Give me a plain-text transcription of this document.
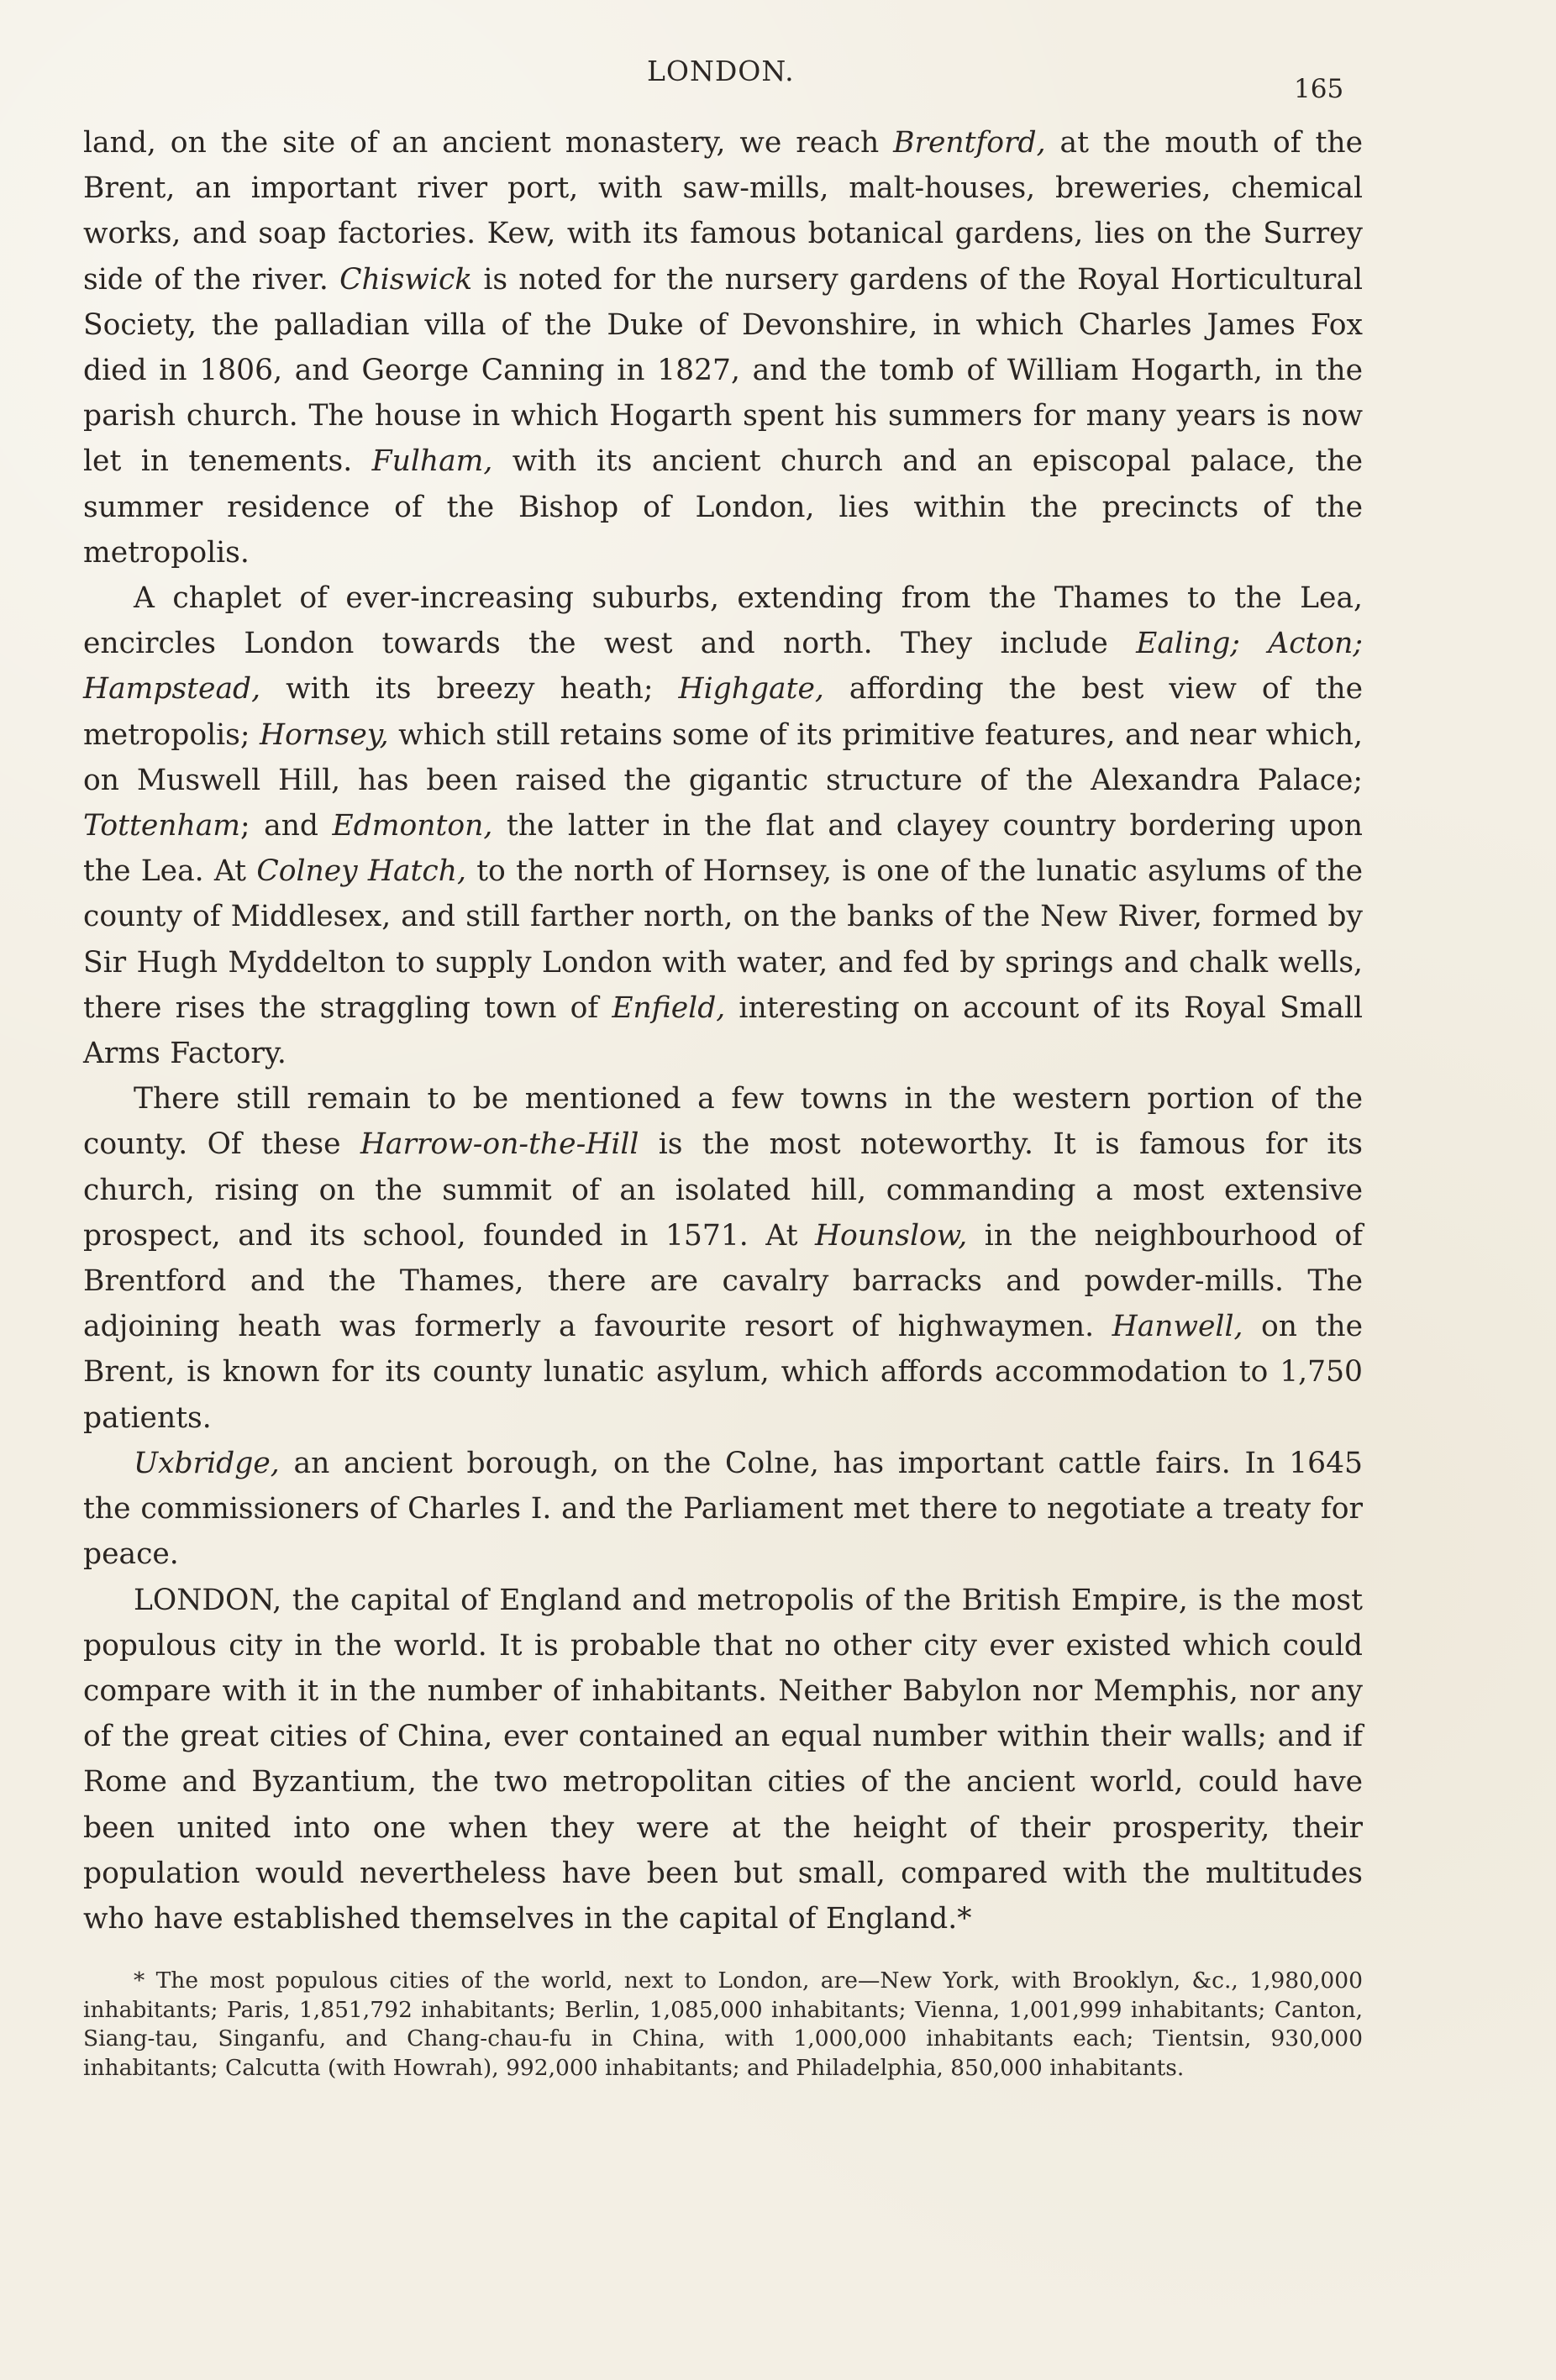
LONDON.
165

land, on the site of an ancient monastery, we reach Brentford, at the mouth of the Brent, an important river port, with saw-mills, malt-houses, breweries, chemical works, and soap factories. Kew, with its famous botanical gardens, lies on the Surrey side of the river. Chiswick is noted for the nursery gardens of the Royal Horticultural Society, the palladian villa of the Duke of Devonshire, in which Charles James Fox died in 1806, and George Canning in 1827, and the tomb of William Hogarth, in the parish church. The house in which Hogarth spent his summers for many years is now let in tenements. Fulham, with its ancient church and an episcopal palace, the summer residence of the Bishop of London, lies within the precincts of the metropolis.

A chaplet of ever-increasing suburbs, extending from the Thames to the Lea, encircles London towards the west and north. They include Ealing; Acton; Hampstead, with its breezy heath; Highgate, affording the best view of the metropolis; Hornsey, which still retains some of its primitive features, and near which, on Muswell Hill, has been raised the gigantic structure of the Alexandra Palace; Tottenham; and Edmonton, the latter in the flat and clayey country bordering upon the Lea. At Colney Hatch, to the north of Hornsey, is one of the lunatic asylums of the county of Middlesex, and still farther north, on the banks of the New River, formed by Sir Hugh Myddelton to supply London with water, and fed by springs and chalk wells, there rises the straggling town of Enfield, interesting on account of its Royal Small Arms Factory.

There still remain to be mentioned a few towns in the western portion of the county. Of these Harrow-on-the-Hill is the most noteworthy. It is famous for its church, rising on the summit of an isolated hill, commanding a most extensive prospect, and its school, founded in 1571. At Hounslow, in the neighbourhood of Brentford and the Thames, there are cavalry barracks and powder-mills. The adjoining heath was formerly a favourite resort of highwaymen. Hanwell, on the Brent, is known for its county lunatic asylum, which affords accommodation to 1,750 patients.

Uxbridge, an ancient borough, on the Colne, has important cattle fairs. In 1645 the commissioners of Charles I. and the Parliament met there to negotiate a treaty for peace.

LONDON, the capital of England and metropolis of the British Empire, is the most populous city in the world. It is probable that no other city ever existed which could compare with it in the number of inhabitants. Neither Babylon nor Memphis, nor any of the great cities of China, ever contained an equal number within their walls; and if Rome and Byzantium, the two metropolitan cities of the ancient world, could have been united into one when they were at the height of their prosperity, their population would nevertheless have been but small, compared with the multitudes who have established themselves in the capital of England.*

* The most populous cities of the world, next to London, are—New York, with Brooklyn, &c., 1,980,000 inhabitants; Paris, 1,851,792 inhabitants; Berlin, 1,085,000 inhabitants; Vienna, 1,001,999 inhabitants; Canton, Siang-tau, Singanfu, and Chang-chau-fu in China, with 1,000,000 inhabitants each; Tientsin, 930,000 inhabitants; Calcutta (with Howrah), 992,000 inhabitants; and Philadelphia, 850,000 inhabitants.
